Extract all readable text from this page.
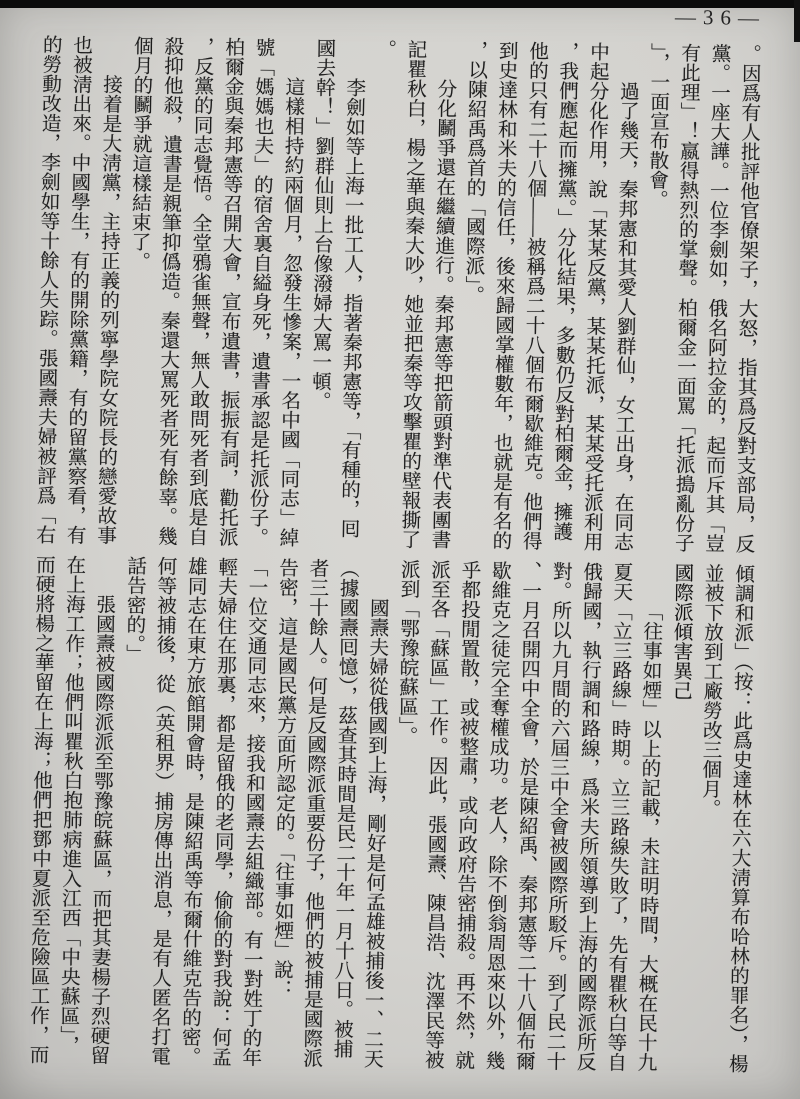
—36—

。因爲有人批評他官僚架子，大怒，指其爲反對支部局，反黨。一座大譁。一位李劍如，俄名阿拉金的，起而斥其「豈有此理」！嬴得熱烈的掌聲。柏爾金一面罵「托派搗亂份子」，一面宣布散會。

過了幾天，秦邦憲和其愛人劉群仙，女工出身，在同志中起分化作用，說「某某反黨，某某托派，某某受托派利用，我們應起而擁黨。」分化結果，多數仍反對柏爾金，擁護他的只有二十八個——被稱爲二十八個布爾歇維克。他們得到史達林和米夫的信任，後來歸國掌權數年，也就是有名的，以陳紹禹爲首的「國際派」。

分化鬭爭還在繼續進行。秦邦憲等把箭頭對準代表團書記瞿秋白，楊之華與秦大吵，她並把秦等攻擊瞿的壁報撕了。

李劍如等上海一批工人，指著秦邦憲等，「有種的，囘國去幹！」劉群仙則上台像潑婦大罵一頓。

這樣相持約兩個月，忽發生慘案，一名中國「同志」綽號「媽媽也夫」的宿舍裏自縊身死，遺書承認是托派份子。柏爾金與秦邦憲等召開大會，宣布遺書，振振有詞，勸托派，反黨的同志覺悟。全堂鴉雀無聲，無人敢問死者到底是自殺抑他殺，遺書是親筆抑僞造。秦還大罵死者死有餘辜。幾個月的鬭爭就這樣結束了。

接着是大淸黨，主持正義的列寧學院女院長的戀愛故事也被淸出來。中國學生，有的開除黨籍，有的留黨察看，有的勞動改造，李劍如等十餘人失踪。張國燾夫婦被評爲「右

傾調和派」（按：此爲史達林在六大淸算布哈林的罪名），楊並被下放到工廠勞改三個月。

國際派傾害異己

「往事如煙」以上的記載，未註明時間，大概在民十九夏天「立三路線」時期。立三路線失敗了，先有瞿秋白等自俄歸國，執行調和路線，爲米夫所領導到上海的國際派所反對。所以九月間的六屆三中全會被國際所駁斥。到了民二十、一月召開四中全會，於是陳紹禹、秦邦憲等二十八個布爾歇維克之徒完全奪權成功。老人，除不倒翁周恩來以外，幾乎都投閒置散，或被整肅，或向政府告密捕殺。再不然，就派至各「蘇區」工作。因此，張國燾、陳昌浩、沈澤民等被派到「鄂豫皖蘇區」。

國燾夫婦從俄國到上海，剛好是何孟雄被捕後一、二天（據國燾囘憶），茲查其時間是民二十年一月十八日。被捕者三十餘人。何是反國際派重要份子，他們的被捕是國際派告密，這是國民黨方面所認定的。「往事如煙」說：

「一位交通同志來，接我和國燾去組織部。有一對姓丁的年輕夫婦住在那裏，都是留俄的老同學，偷偷的對我說：何孟雄同志在東方旅館開會時，是陳紹禹等布爾什維克告的密。何等被捕後，從（英租界）捕房傳出消息，是有人匿名打電話告密的。」

張國燾被國際派派至鄂豫皖蘇區，而把其妻楊子烈硬留在上海工作；他們叫瞿秋白抱肺病進入江西「中央蘇區」，而硬將楊之華留在上海；他們把鄧中夏派至危險區工作，而
